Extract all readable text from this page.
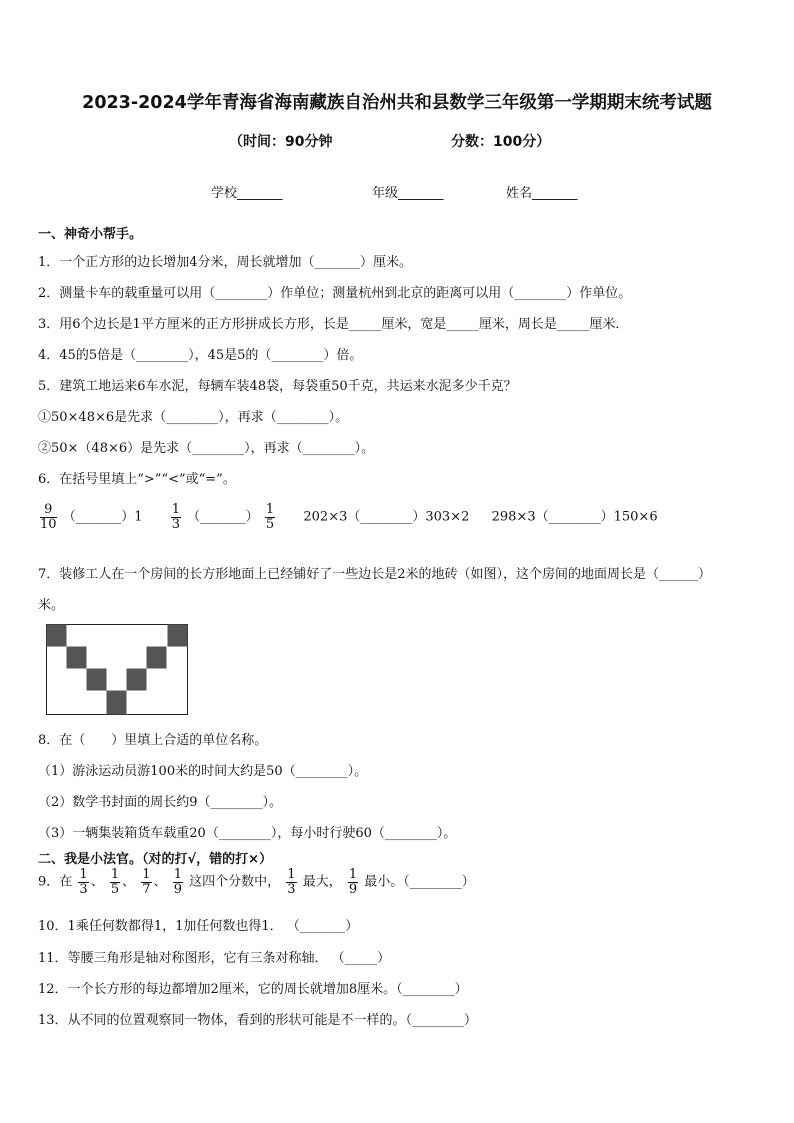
2023-2024学年青海省海南藏族自治州共和县数学三年级第一学期期末统考试题
（时间：90分钟	分数：100分）
学校_______	年级_______	姓名_______
一、神奇小帮手。
1．一个正方形的边长增加4分米，周长就增加（_______）厘米。
2．测量卡车的载重量可以用（________）作单位；测量杭州到北京的距离可以用（________）作单位。
3．用6个边长是1平方厘米的正方形拼成长方形，长是_____厘米，宽是_____厘米，周长是_____厘米．
4．45的5倍是（________），45是5的（________）倍。
5．建筑工地运来6车水泥，每辆车装48袋，每袋重50千克，共运来水泥多少千克？
①50×48×6是先求（________），再求（________）。
②50×（48×6）是先求（________），再求（________）。
6．在括号里填上“>”“<”或“=”。
$\frac{9}{10}$ （_______）1 $\frac{1}{3}$ （_______） $\frac{1}{5}$ 202×3（________）303×2 298×3（________）150×6
7．装修工人在一个房间的长方形地面上已经铺好了一些边长是2米的地砖（如图），这个房间的地面周长是（______）
米。
8．在（　　）里填上合适的单位名称。
（1）游泳运动员游100米的时间大约是50（________）。
（2）数学书封面的周长约9（________）。
（3）一辆集装箱货车载重20（________），每小时行驶60（________）。
二、我是小法官。（对的打√，错的打×）
9．在 $\frac{1}{3}$ 、 $\frac{1}{5}$ 、 $\frac{1}{7}$ 、 $\frac{1}{9}$ 这四个分数中， $\frac{1}{3}$ 最大， $\frac{1}{9}$ 最小。（________）
10．1乘任何数都得1，1加任何数也得1． （_______）
11．等腰三角形是轴对称图形，它有三条对称轴． （_____）
12．一个长方形的每边都增加2厘米，它的周长就增加8厘米。（________）
13．从不同的位置观察同一物体，看到的形状可能是不一样的。（________）
